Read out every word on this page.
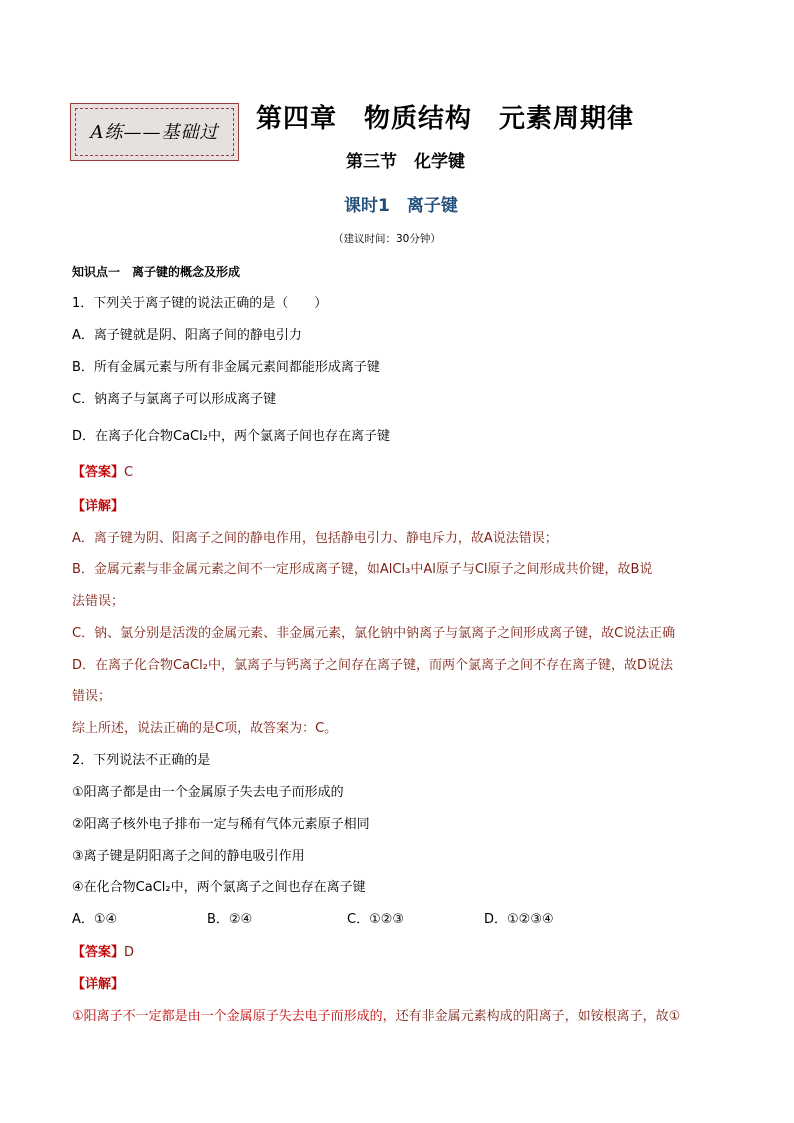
A练——基础过	第四章　物质结构　元素周期律
第三节　化学键
课时1　离子键
（建议时间：30分钟）
知识点一　离子键的概念及形成
1．下列关于离子键的说法正确的是（　　）
A．离子键就是阴、阳离子间的静电引力
B．所有金属元素与所有非金属元素间都能形成离子键
C．钠离子与氯离子可以形成离子键
D．在离子化合物CaCl₂中，两个氯离子间也存在离子键
【答案】C
【详解】
A．离子键为阴、阳离子之间的静电作用，包括静电引力、静电斥力，故A说法错误；
B．金属元素与非金属元素之间不一定形成离子键，如AlCl₃中Al原子与Cl原子之间形成共价键，故B说
法错误；
C．钠、氯分别是活泼的金属元素、非金属元素，氯化钠中钠离子与氯离子之间形成离子键，故C说法正确
D．在离子化合物CaCl₂中，氯离子与钙离子之间存在离子键，而两个氯离子之间不存在离子键，故D说法
错误；
综上所述，说法正确的是C项，故答案为：C。
2．下列说法不正确的是
①阳离子都是由一个金属原子失去电子而形成的
②阳离子核外电子排布一定与稀有气体元素原子相同
③离子键是阴阳离子之间的静电吸引作用
④在化合物CaCl₂中，两个氯离子之间也存在离子键
A．①④	B．②④	C．①②③	D．①②③④
【答案】D
【详解】
①阳离子不一定都是由一个金属原子失去电子而形成的，还有非金属元素构成的阳离子，如铵根离子，故①
